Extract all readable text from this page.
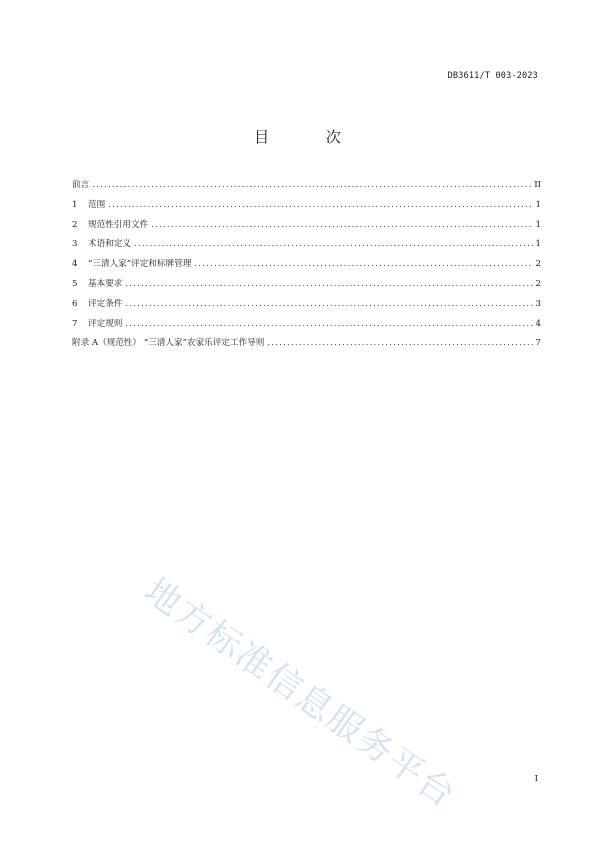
DB3611/T 003-2023
目 次
前言 .....	II
1	范围 .....	1
2	规范性引用文件 .....	1
3	术语和定义 .....	1
4	“三清人家”评定和标牌管理 .....	2
5	基本要求 .....	2
6	评定条件 .....	3
7	评定规则 .....	4
附录 A（规范性） “三清人家”农家乐评定工作导则 .....	7
地方标准信息服务平台	I
